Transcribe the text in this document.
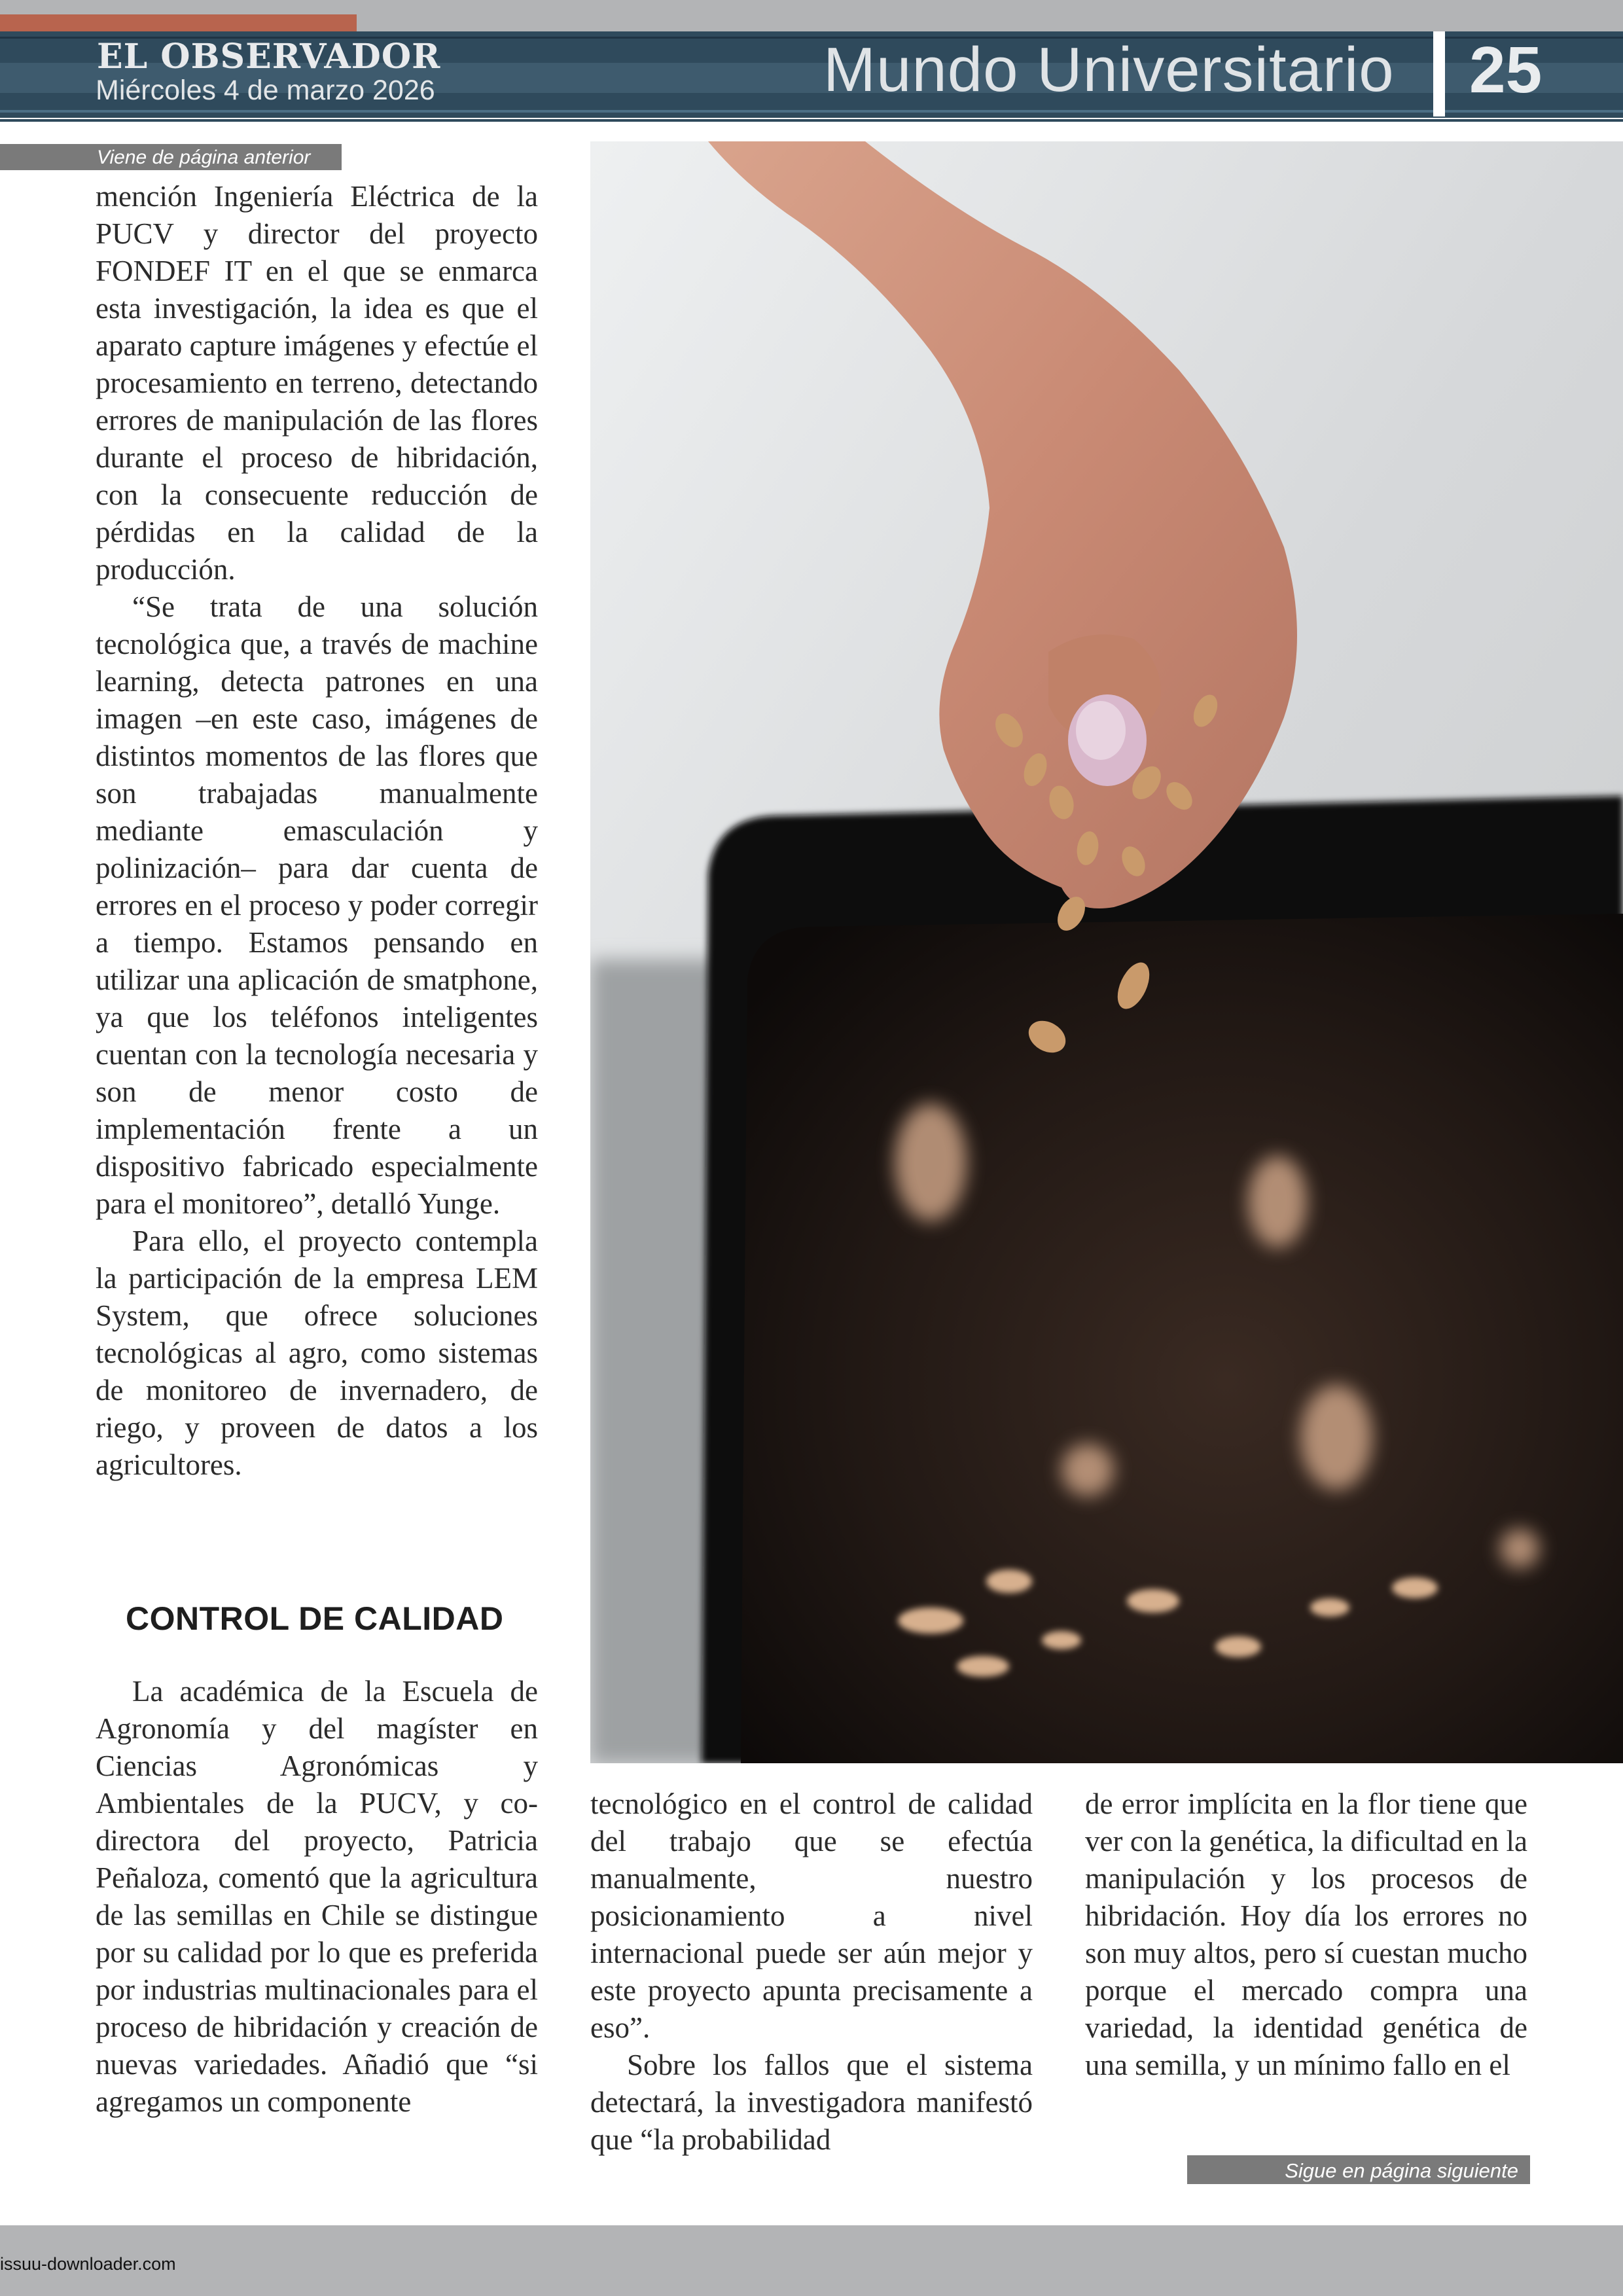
EL OBSERVADOR
Miércoles 4 de marzo 2026	Mundo Universitario 25
Viene de página anterior

mención Ingeniería Eléctrica de la PUCV y director del proyecto FONDEF IT en el que se enmarca esta investigación, la idea es que el aparato capture imágenes y efectúe el procesamiento en terreno, detectando errores de manipulación de las flores durante el proceso de hibridación, con la consecuente reducción de pérdidas en la calidad de la producción.

“Se trata de una solución tecnológica que, a través de machine learning, detecta patrones en una imagen –en este caso, imágenes de distintos momentos de las flores que son trabajadas manualmente mediante emasculación y polinización– para dar cuenta de errores en el proceso y poder corregir a tiempo. Estamos pensando en utilizar una aplicación de smatphone, ya que los teléfonos inteligentes cuentan con la tecnología necesaria y son de menor costo de implementación frente a un dispositivo fabricado especialmente para el monitoreo”, detalló Yunge.

Para ello, el proyecto contempla la participación de la empresa LEM System, que ofrece soluciones tecnológicas al agro, como sistemas de monitoreo de invernadero, de riego, y proveen de datos a los agricultores.

CONTROL DE CALIDAD

La académica de la Escuela de Agronomía y del magíster en Ciencias Agronómicas y Ambientales de la PUCV, y co-directora del proyecto, Patricia Peñaloza, comentó que la agricultura de las semillas en Chile se distingue por su calidad por lo que es preferida por industrias multinacionales para el proceso de hibridación y creación de nuevas variedades. Añadió que “si agregamos un componente

tecnológico en el control de calidad del trabajo que se efectúa manualmente, nuestro posicionamiento a nivel internacional puede ser aún mejor y este proyecto apunta precisamente a eso”.

Sobre los fallos que el sistema detectará, la investigadora manifestó que “la probabilidad

de error implícita en la flor tiene que ver con la genética, la dificultad en la manipulación y los procesos de hibridación. Hoy día los errores no son muy altos, pero sí cuestan mucho porque el mercado compra una variedad, la identidad genética de una semilla, y un mínimo fallo en el

Sigue en página siguiente
issuu-downloader.com
